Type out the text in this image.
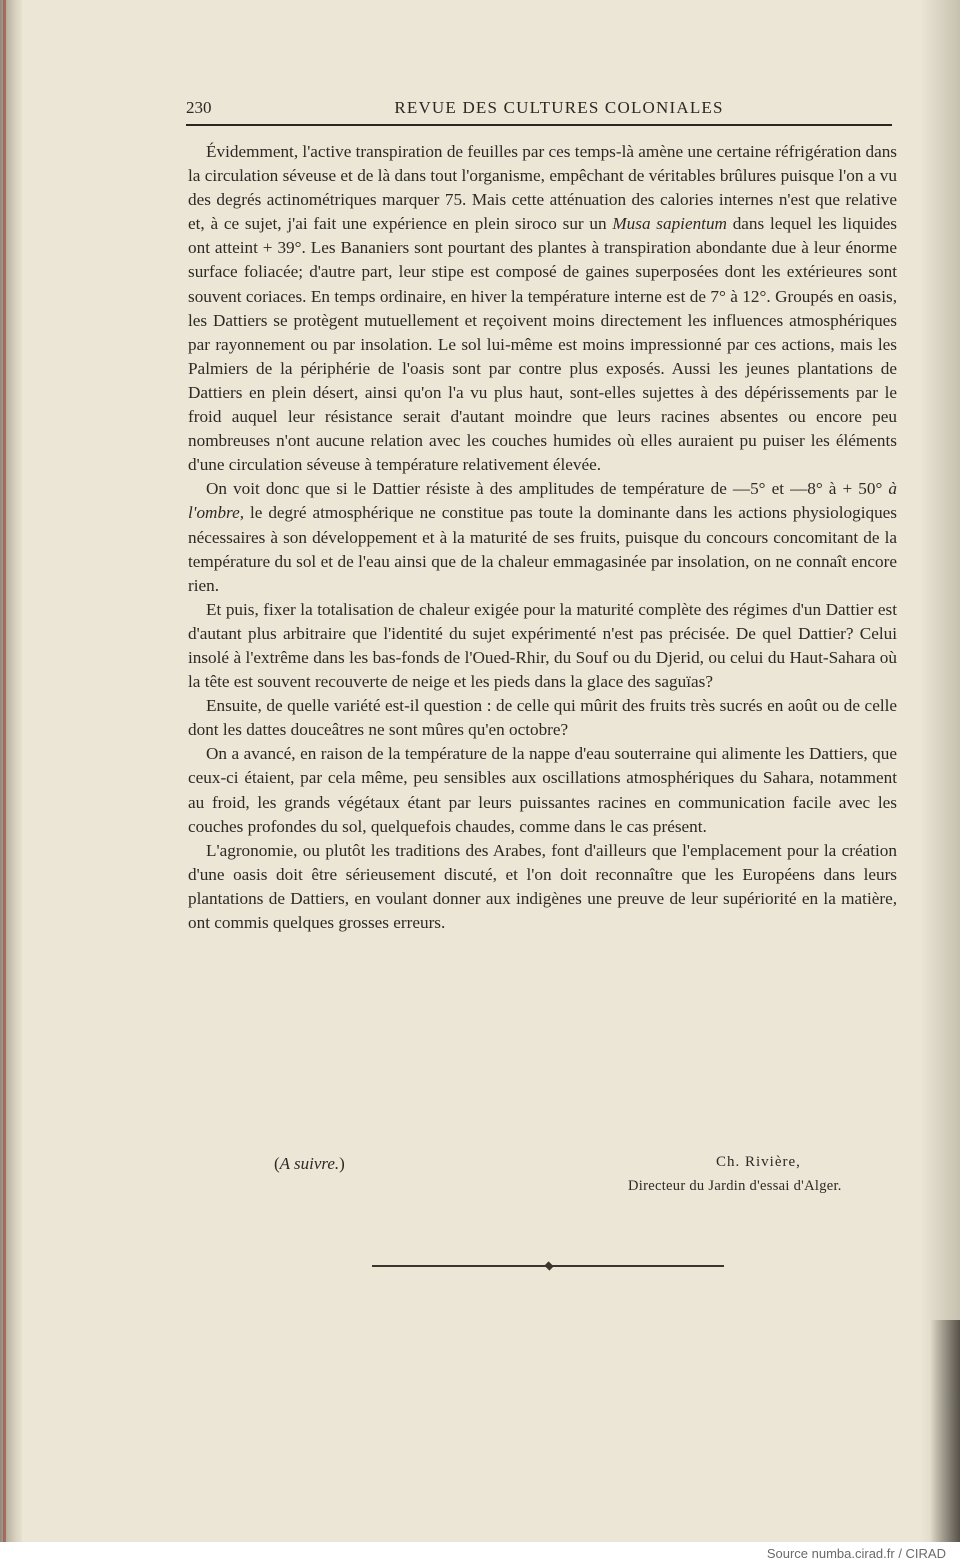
230	REVUE DES CULTURES COLONIALES

Évidemment, l'active transpiration de feuilles par ces temps-là amène une certaine réfrigération dans la circulation séveuse et de là dans tout l'organisme, empêchant de véritables brûlures puisque l'on a vu des degrés actinométriques marquer 75. Mais cette atténuation des calories internes n'est que relative et, à ce sujet, j'ai fait une expérience en plein siroco sur un Musa sapientum dans lequel les liquides ont atteint + 39°. Les Bananiers sont pourtant des plantes à transpiration abondante due à leur énorme surface foliacée; d'autre part, leur stipe est composé de gaines superposées dont les extérieures sont souvent coriaces. En temps ordinaire, en hiver la température interne est de 7° à 12°. Groupés en oasis, les Dattiers se protègent mutuellement et reçoivent moins directement les influences atmosphériques par rayonnement ou par insolation. Le sol lui-même est moins impressionné par ces actions, mais les Palmiers de la périphérie de l'oasis sont par contre plus exposés. Aussi les jeunes plantations de Dattiers en plein désert, ainsi qu'on l'a vu plus haut, sont-elles sujettes à des dépérissements par le froid auquel leur résistance serait d'autant moindre que leurs racines absentes ou encore peu nombreuses n'ont aucune relation avec les couches humides où elles auraient pu puiser les éléments d'une circulation séveuse à température relativement élevée.

On voit donc que si le Dattier résiste à des amplitudes de température de —5° et —8° à + 50° à l'ombre, le degré atmosphérique ne constitue pas toute la dominante dans les actions physiologiques nécessaires à son développement et à la maturité de ses fruits, puisque du concours concomitant de la température du sol et de l'eau ainsi que de la chaleur emmagasinée par insolation, on ne connaît encore rien.

Et puis, fixer la totalisation de chaleur exigée pour la maturité complète des régimes d'un Dattier est d'autant plus arbitraire que l'identité du sujet expérimenté n'est pas précisée. De quel Dattier? Celui insolé à l'extrême dans les bas-fonds de l'Oued-Rhir, du Souf ou du Djerid, ou celui du Haut-Sahara où la tête est souvent recouverte de neige et les pieds dans la glace des saguïas?

Ensuite, de quelle variété est-il question : de celle qui mûrit des fruits très sucrés en août ou de celle dont les dattes douceâtres ne sont mûres qu'en octobre?

On a avancé, en raison de la température de la nappe d'eau souterraine qui alimente les Dattiers, que ceux-ci étaient, par cela même, peu sensibles aux oscillations atmosphériques du Sahara, notamment au froid, les grands végétaux étant par leurs puissantes racines en communication facile avec les couches profondes du sol, quelquefois chaudes, comme dans le cas présent.

L'agronomie, ou plutôt les traditions des Arabes, font d'ailleurs que l'emplacement pour la création d'une oasis doit être sérieusement discuté, et l'on doit reconnaître que les Européens dans leurs plantations de Dattiers, en voulant donner aux indigènes une preuve de leur supériorité en la matière, ont commis quelques grosses erreurs.

(A suivre.)	Ch. Rivière,
Directeur du Jardin d'essai d'Alger.
Source numba.cirad.fr / CIRAD
